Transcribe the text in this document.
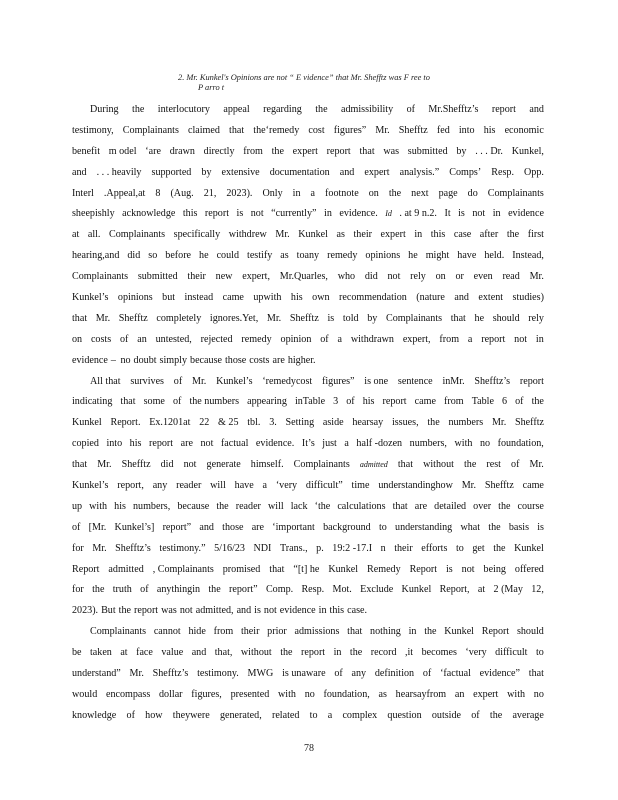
2. Mr. Kunkel's Opinions are not “ E vidence” that Mr. Shefftz was F ree to
P arro t
During the interlocutory appeal regarding the admissibility of Mr.Shefftz’s report and
testimony, Complainants claimed that the‘remedy cost figures” Mr. Shefftz fed into his economic
benefit m odel ‘are drawn directly from the expert report that was submitted by . . . Dr. Kunkel,
and . . . heavily supported by extensive documentation and expert analysis.” Comps’ Resp. Opp.
Interl .Appeal,at 8 (Aug. 21, 2023). Only in a footnote on the next page do Complainants
sheepishly acknowledge this report is not “currently” in evidence. Id . at 9 n.2. It is not in evidence
at all. Complainants specifically withdrew Mr. Kunkel as their expert in this case after the first
hearing,and did so before he could testify as toany remedy opinions he might have held. Instead,
Complainants submitted their new expert, Mr.Quarles, who did not rely on or even read Mr.
Kunkel’s opinions but instead came upwith his own recommendation (nature and extent studies)
that Mr. Shefftz completely ignores.Yet, Mr. Shefftz is told by Complainants that he should rely
on costs of an untested, rejected remedy opinion of a withdrawn expert, from a report not in
evidence – no doubt simply because those costs are higher.
All that survives of Mr. Kunkel’s ‘remedycost figures” is one sentence inMr. Shefftz’s report
indicating that some of the numbers appearing inTable 3 of his report came from Table 6 of the
Kunkel Report. Ex.1201at 22 & 25 tbl. 3. Setting aside hearsay issues, the numbers Mr. Shefftz
copied into his report are not factual evidence. It’s just a half -dozen numbers, with no foundation,
that Mr. Shefftz did not generate himself. Complainants admitted that without the rest of Mr.
Kunkel’s report, any reader will have a ‘very difficult” time understandinghow Mr. Shefftz came
up with his numbers, because the reader will lack ‘the calculations that are detailed over the course
of [Mr. Kunkel’s] report” and those are ‘important background to understanding what the basis is
for Mr. Shefftz’s testimony.” 5/16/23 NDI Trans., p. 19:2 -17.I n their efforts to get the Kunkel
Report admitted , Complainants promised that “[t] he Kunkel Remedy Report is not being offered
for the truth of anythingin the report” Comp. Resp. Mot. Exclude Kunkel Report, at 2 (May 12,
2023). But the report was not admitted, and is not evidence in this case.
Complainants cannot hide from their prior admissions that nothing in the Kunkel Report should
be taken at face value and that, without the report in the record ,it becomes ‘very difficult to
understand” Mr. Shefftz’s testimony. MWG is unaware of any definition of ‘factual evidence” that
would encompass dollar figures, presented with no foundation, as hearsayfrom an expert with no
knowledge of how theywere generated, related to a complex question outside of the average
78
